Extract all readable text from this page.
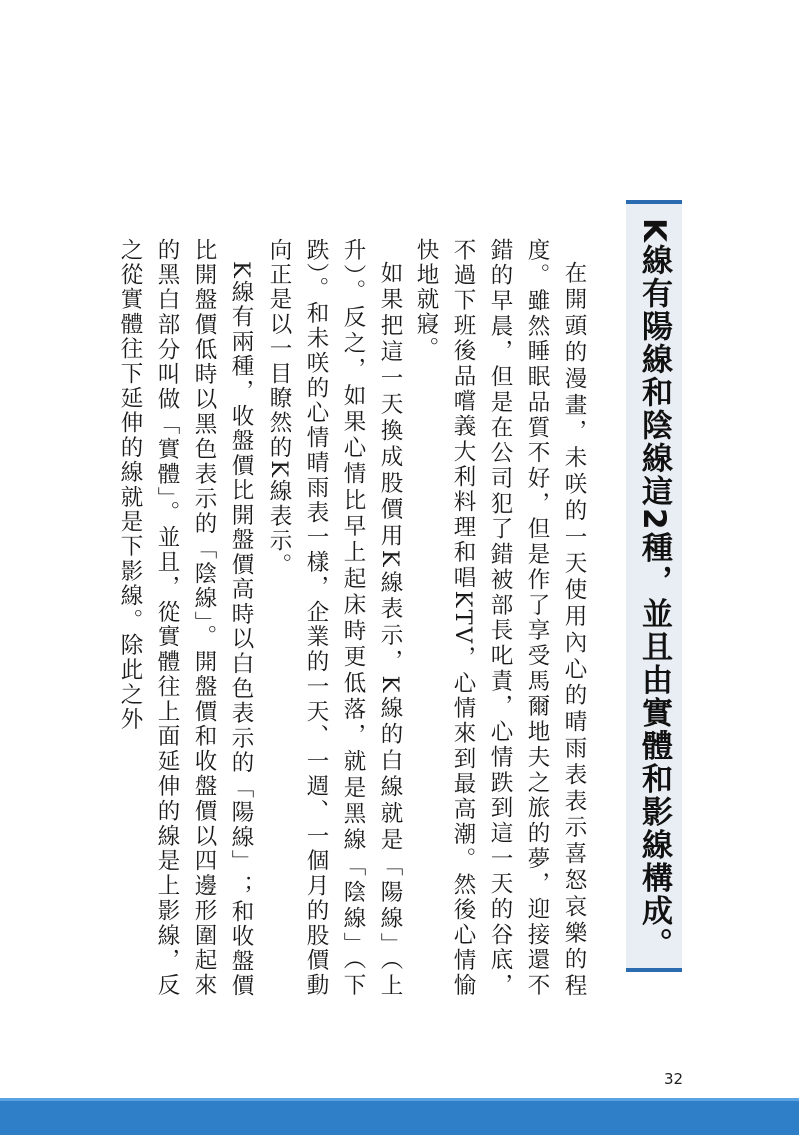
K線有陽線和陰線這2種，並且由實體和影線構成。

在開頭的漫畫，未咲的一天使用內心的晴雨表表示喜怒哀樂的程度。雖然睡眠品質不好，但是作了享受馬爾地夫之旅的夢，迎接還不錯的早晨，但是在公司犯了錯被部長叱責，心情跌到這一天的谷底，不過下班後品嚐義大利料理和唱KTV，心情來到最高潮。然後心情愉快地就寢。

如果把這一天換成股價用K線表示，K線的白線就是「陽線」（上升）。反之，如果心情比早上起床時更低落，就是黑線「陰線」（下跌）。和未咲的心情晴雨表一樣，企業的一天、一週、一個月的股價動向正是以一目瞭然的K線表示。

K線有兩種，收盤價比開盤價高時以白色表示的「陽線」；和收盤價比開盤價低時以黑色表示的「陰線」。開盤價和收盤價以四邊形圍起來的黑白部分叫做「實體」。並且，從實體往上面延伸的線是上影線，反之從實體往下延伸的線就是下影線。除此之外

32
